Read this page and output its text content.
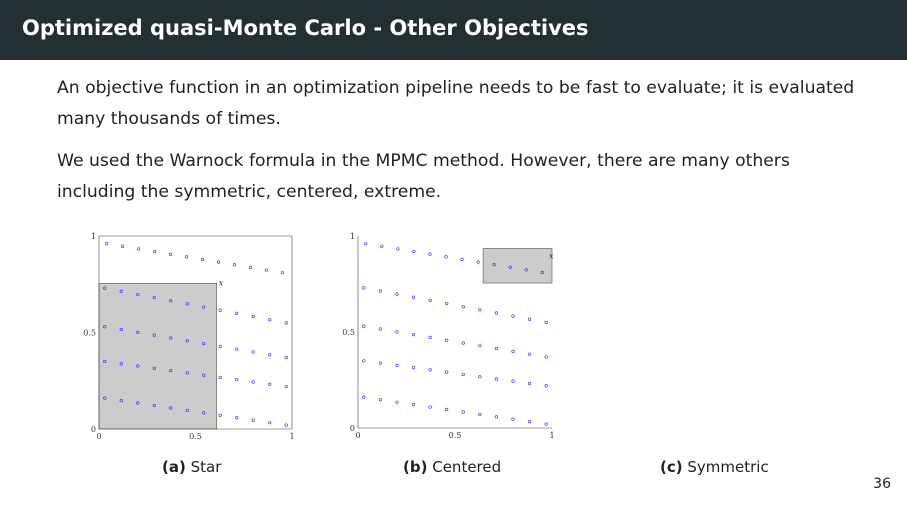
Optimized quasi-Monte Carlo - Other Objectives
An objective function in an optimization pipeline needs to be fast to evaluate; it is evaluated many thousands of times.
We used the Warnock formula in the MPMC method. However, there are many others including the symmetric, centered, extreme.
x
0	0.5	1
0
0.5
1
x
0	0.5	1
0
0.5
1
(a) Star	(b) Centered	(c) Symmetric
36
